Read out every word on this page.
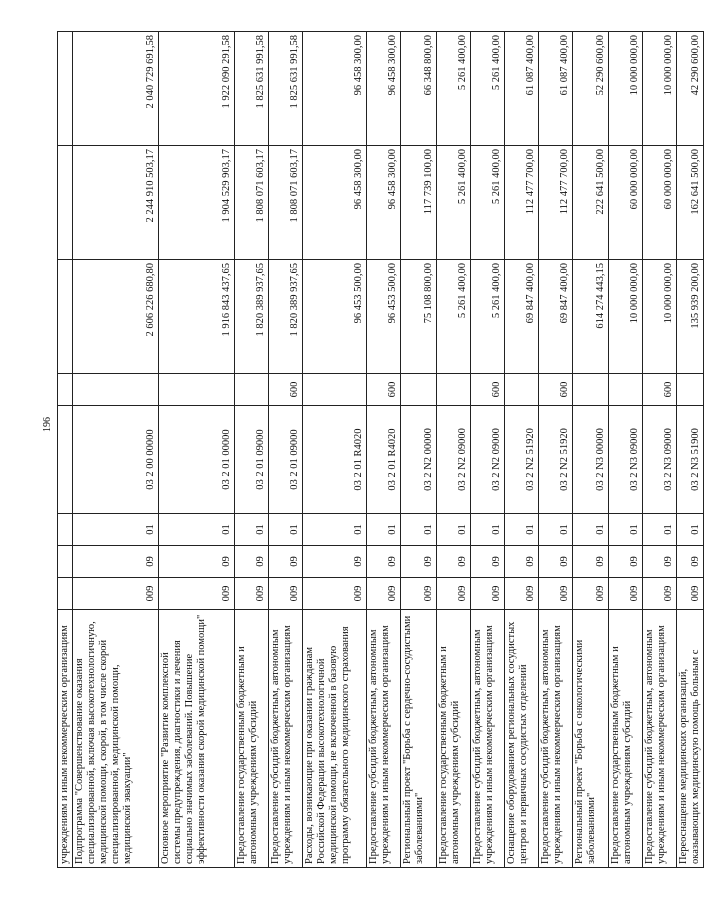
196
учреждениям и иным некоммерческим организациям								
Подпрограмма "Совершенствование оказания специализированной, включая высокотехнологичную, медицинской помощи, скорой, в том числе скорой специализированной, медицинской помощи, медицинской эвакуации"	009	09	01	03 2 00 00000		2 606 226 680,80	2 244 910 503,17	2 040 729 691,58
Основное мероприятие "Развитие комплексной системы предупреждения, диагностики и лечения социально значимых заболеваний. Повышение эффективности оказания скорой медицинской помощи"	009	09	01	03 2 01 00000		1 916 843 437,65	1 904 529 903,17	1 922 090 291,58
Предоставление государственным бюджетным и автономным учреждениям субсидий	009	09	01	03 2 01 09000		1 820 389 937,65	1 808 071 603,17	1 825 631 991,58
Предоставление субсидий бюджетным, автономным учреждениям и иным некоммерческим организациям	009	09	01	03 2 01 09000	600	1 820 389 937,65	1 808 071 603,17	1 825 631 991,58
Расходы, возникающие при оказании гражданам Российской Федерации высокотехнологичной медицинской помощи, не включенной в базовую программу обязательного медицинского страхования	009	09	01	03 2 01 R4020		96 453 500,00	96 458 300,00	96 458 300,00
Предоставление субсидий бюджетным, автономным учреждениям и иным некоммерческим организациям	009	09	01	03 2 01 R4020	600	96 453 500,00	96 458 300,00	96 458 300,00
Региональный проект "Борьба с сердечно-сосудистыми заболеваниями"	009	09	01	03 2 N2 00000		75 108 800,00	117 739 100,00	66 348 800,00
Предоставление государственным бюджетным и автономным учреждениям субсидий	009	09	01	03 2 N2 09000		5 261 400,00	5 261 400,00	5 261 400,00
Предоставление субсидий бюджетным, автономным учреждениям и иным некоммерческим организациям	009	09	01	03 2 N2 09000	600	5 261 400,00	5 261 400,00	5 261 400,00
Оснащение оборудованием региональных сосудистых центров и первичных сосудистых отделений	009	09	01	03 2 N2 51920		69 847 400,00	112 477 700,00	61 087 400,00
Предоставление субсидий бюджетным, автономным учреждениям и иным некоммерческим организациям	009	09	01	03 2 N2 51920	600	69 847 400,00	112 477 700,00	61 087 400,00
Региональный проект "Борьба с онкологическими заболеваниями"	009	09	01	03 2 N3 00000		614 274 443,15	222 641 500,00	52 290 600,00
Предоставление государственным бюджетным и автономным учреждениям субсидий	009	09	01	03 2 N3 09000		10 000 000,00	60 000 000,00	10 000 000,00
Предоставление субсидий бюджетным, автономным учреждениям и иным некоммерческим организациям	009	09	01	03 2 N3 09000	600	10 000 000,00	60 000 000,00	10 000 000,00
Переоснащение медицинских организаций, оказывающих медицинскую помощь больным с	009	09	01	03 2 N3 51900		135 939 200,00	162 641 500,00	42 290 600,00
